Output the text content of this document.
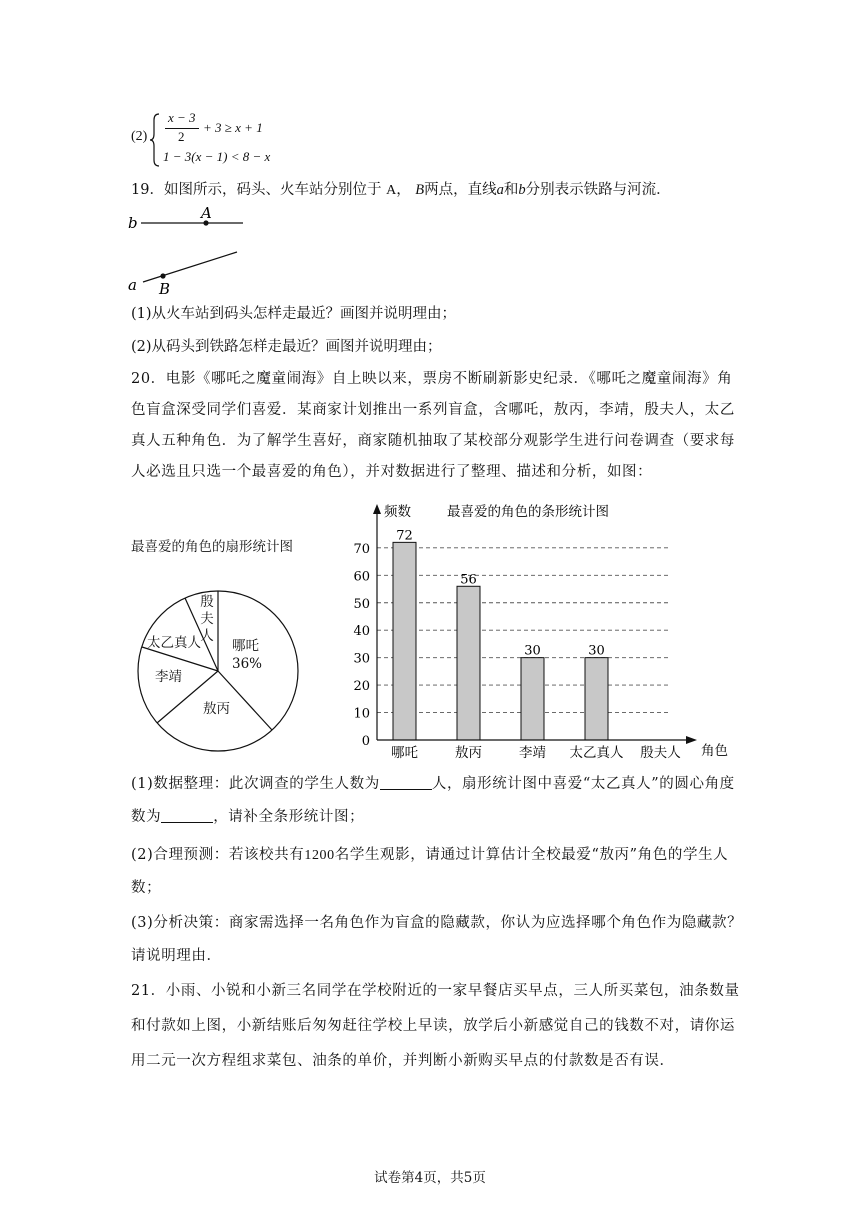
(2)
x − 3
2
+ 3 ≥ x + 1
1 − 3(x − 1) < 8 − x
19．如图所示，码头、火车站分别位于 A， B两点，直线a和b分别表示铁路与河流．
b
A
a B
(1)从火车站到码头怎样走最近？画图并说明理由；
(2)从码头到铁路怎样走最近？画图并说明理由；
20．电影《哪吒之魔童闹海》自上映以来，票房不断刷新影史纪录．《哪吒之魔童闹海》角
色盲盒深受同学们喜爱．某商家计划推出一系列盲盒，含哪吒，敖丙，李靖，殷夫人，太乙
真人五种角色．为了解学生喜好，商家随机抽取了某校部分观影学生进行问卷调查（要求每
人必选且只选一个最喜爱的角色），并对数据进行了整理、描述和分析，如图：
最喜爱的角色的扇形统计图
殷
夫
人
太乙真人
李靖
敖丙
哪吒
36%
72
56
30	30
频数	最喜爱的角色的条形统计图
角色
0
10
20
30
40
50
60
70
哪吒	敖丙	李靖 太乙真人 殷夫人
(1)数据整理：此次调查的学生人数为	人，扇形统计图中喜爱“太乙真人”的圆心角度
数为	，请补全条形统计图；
(2)合理预测：若该校共有1200名学生观影，请通过计算估计全校最爱“敖丙”角色的学生人
数；
(3)分析决策：商家需选择一名角色作为盲盒的隐藏款，你认为应选择哪个角色作为隐藏款？
请说明理由．
21．小雨、小锐和小新三名同学在学校附近的一家早餐店买早点，三人所买菜包，油条数量
和付款如上图，小新结账后匆匆赶往学校上早读，放学后小新感觉自己的钱数不对，请你运
用二元一次方程组求菜包、油条的单价，并判断小新购买早点的付款数是否有误．
试卷第4页，共5页
